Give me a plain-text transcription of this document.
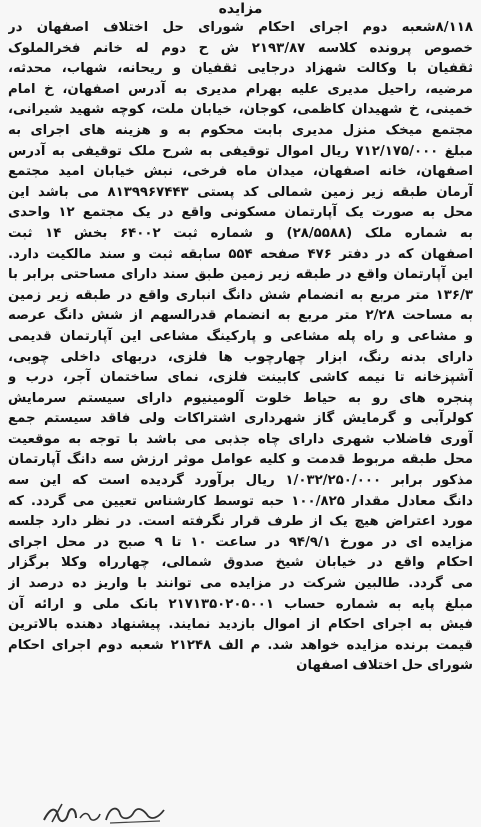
مزایده
۸/۱۱۸شعبه دوم اجرای احکام شورای حل اختلاف اصفهان در
خصوص پرونده کلاسه ۲۱۹۳/۸۷ ش ح دوم له خانم فخرالملوک
ثقفیان با وکالت شهزاد درجایی ثقفیان و ریحانه، شهاب، محدثه،
مرضیه، راحیل مدیری علیه بهرام مدیری به آدرس اصفهان، خ امام
خمینی، خ شهیدان کاظمی، کوجان، خیابان ملت، کوچه شهید شیرانی،
مجتمع میخک منزل مدیری بابت محکوم به و هزینه های اجرای به
مبلغ ۷۱۲/۱۷۵/۰۰۰ ریال اموال توقیفی به شرح ملک توقیفی به آدرس
اصفهان، خانه اصفهان، میدان ماه فرخی، نبش خیابان امید مجتمع
آرمان طبقه زیر زمین شمالی کد پستی ۸۱۳۹۹۶۷۴۴۳ می باشد این
محل به صورت یک آپارتمان مسکونی واقع در یک مجتمع ۱۲ واحدی
به شماره ملک (۲۸/۵۵۸۸) و شماره ثبت ۶۴۰۰۲ بخش ۱۴ ثبت
اصفهان که در دفتر ۴۷۶ صفحه ۵۵۴ سابقه ثبت و سند مالکیت دارد.
این آپارتمان واقع در طبقه زیر زمین طبق سند دارای مساحتی برابر با
۱۳۶/۳ متر مربع به انضمام شش دانگ انباری واقع در طبقه زیر زمین
به مساحت ۲/۲۸ متر مربع به انضمام قدرالسهم از شش دانگ عرصه
و مشاعی و راه پله مشاعی و پارکینگ مشاعی این آپارتمان قدیمی
دارای بدنه رنگ، ابزار چهارچوب ها فلزی، دربهای داخلی چوبی،
آشپزخانه تا نیمه کاشی کابینت فلزی، نمای ساختمان آجر، درب و
پنجره های رو به حیاط خلوت آلومینیوم دارای سیستم سرمایش
کولرآبی و گرمایش گاز شهرداری اشتراکات ولی فاقد سیستم جمع
آوری فاضلاب شهری دارای چاه جذبی می باشد با توجه به موقعیت
محل طبقه مربوط قدمت و کلیه عوامل موثر ارزش سه دانگ آپارتمان
مذکور برابر ۱/۰۳۲/۲۵۰/۰۰۰ ریال برآورد گردیده است که این سه
دانگ معادل مقدار ۱۰۰/۸۲۵ حبه توسط کارشناس تعیین می گردد. که
مورد اعتراض هیچ یک از طرف قرار نگرفته است. در نظر دارد جلسه
مزایده ای در مورخ ۹۴/۹/۱ در ساعت ۱۰ تا ۹ صبح در محل اجرای
احکام واقع در خیابان شیخ صدوق شمالی، چهارراه وکلا برگزار
می گردد. طالبین شرکت در مزایده می توانند با واریز ده درصد از
مبلغ پایه به شماره حساب ۲۱۷۱۳۵۰۲۰۵۰۰۱ بانک ملی و ارائه آن
فیش به اجرای احکام از اموال بازدید نمایند. پیشنهاد دهنده بالاترین
قیمت برنده مزایده خواهد شد. م الف ۲۱۲۴۸ شعبه دوم اجرای احکام
شورای حل اختلاف اصفهان
